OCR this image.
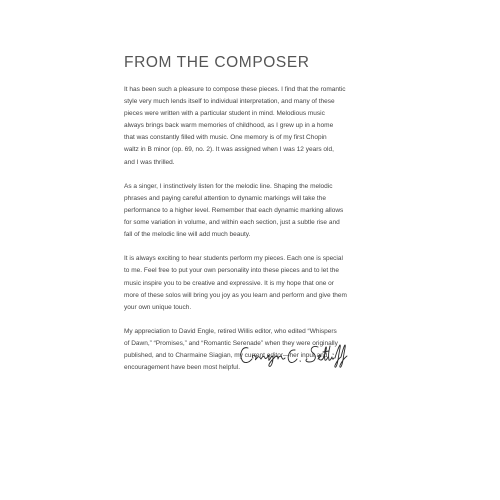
FROM THE COMPOSER

It has been such a pleasure to compose these pieces. I find that the romantic
style very much lends itself to individual interpretation, and many of these
pieces were written with a particular student in mind. Melodious music
always brings back warm memories of childhood, as I grew up in a home
that was constantly filled with music. One memory is of my first Chopin
waltz in B minor (op. 69, no. 2). It was assigned when I was 12 years old,
and I was thrilled.

As a singer, I instinctively listen for the melodic line. Shaping the melodic
phrases and paying careful attention to dynamic markings will take the
performance to a higher level. Remember that each dynamic marking allows
for some variation in volume, and within each section, just a subtle rise and
fall of the melodic line will add much beauty.

It is always exciting to hear students perform my pieces. Each one is special
to me. Feel free to put your own personality into these pieces and to let the
music inspire you to be creative and expressive. It is my hope that one or
more of these solos will bring you joy as you learn and perform and give them
your own unique touch.

My appreciation to David Engle, retired Willis editor, who edited “Whispers
of Dawn,” “Promises,” and “Romantic Serenade” when they were originally
published, and to Charmaine Siagian, my current editor—her input and
encouragement have been most helpful.
